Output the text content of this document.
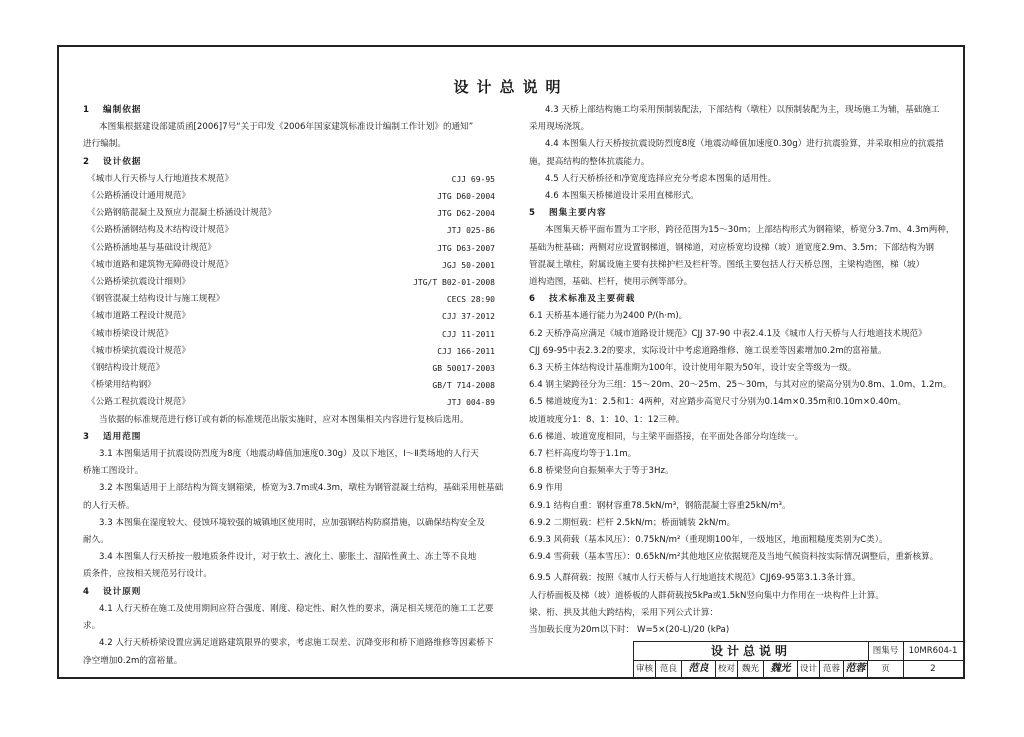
设计总说明
1 编制依据
本图集根据建设部建质函[2006]7号“关于印发《2006年国家建筑标准设计编制工作计划》的通知”
进行编制。
2 设计依据
《城市人行天桥与人行地道技术规范》	CJJ 69-95
《公路桥涵设计通用规范》	JTG D60-2004
《公路钢筋混凝土及预应力混凝土桥涵设计规范》	JTG D62-2004
《公路桥涵钢结构及木结构设计规范》	JTJ 025-86
《公路桥涵地基与基础设计规范》	JTG D63-2007
《城市道路和建筑物无障碍设计规范》	JGJ 50-2001
《公路桥梁抗震设计细则》	JTG/T B02-01-2008
《钢管混凝土结构设计与施工规程》	CECS 28:90
《城市道路工程设计规范》	CJJ 37-2012
《城市桥梁设计规范》	CJJ 11-2011
《城市桥梁抗震设计规范》	CJJ 166-2011
《钢结构设计规范》	GB 50017-2003
《桥梁用结构钢》	GB/T 714-2008
《公路工程抗震设计规范》	JTJ 004-89
当依据的标准规范进行修订或有新的标准规范出版实施时，应对本图集相关内容进行复核后选用。
3 适用范围
3.1 本图集适用于抗震设防烈度为8度（地震动峰值加速度0.30g）及以下地区，Ⅰ～Ⅱ类场地的人行天
桥施工图设计。
3.2 本图集适用于上部结构为简支钢箱梁，桥宽为3.7m或4.3m，墩柱为钢管混凝土结构，基础采用桩基础
的人行天桥。
3.3 本图集在湿度较大、侵蚀环境较强的城镇地区使用时，应加强钢结构防腐措施，以确保结构安全及
耐久。
3.4 本图集人行天桥按一般地质条件设计，对于软土、液化土、膨胀土、湿陷性黄土、冻土等不良地
质条件，应按相关规范另行设计。
4 设计原则
4.1 人行天桥在施工及使用期间应符合强度、刚度、稳定性、耐久性的要求，满足相关规范的施工工艺要
求。
4.2 人行天桥桥梁设置应满足道路建筑限界的要求，考虑施工误差、沉降变形和桥下道路维修等因素桥下
净空增加0.2m的富裕量。
4.3 天桥上部结构施工均采用预制装配法，下部结构（墩柱）以预制装配为主，现场施工为辅，基础施工
采用现场浇筑。
4.4 本图集人行天桥按抗震设防烈度8度（地震动峰值加速度0.30g）进行抗震验算，并采取相应的抗震措
施，提高结构的整体抗震能力。
4.5 人行天桥桥径和净宽度选择应充分考虑本图集的适用性。
4.6 本图集天桥梯道设计采用直梯形式。
5 图集主要内容
本图集天桥平面布置为工字形，跨径范围为15～30m；上部结构形式为钢箱梁，桥宽分3.7m、4.3m两种，
基础为桩基础；两侧对应设置钢梯道，钢梯道，对应桥宽均设梯（坡）道宽度2.9m、3.5m；下部结构为钢
管混凝土墩柱，附属设施主要有扶梯护栏及栏杆等。图纸主要包括人行天桥总图，主梁构造图，梯（坡）
道构造图，基础、栏杆，使用示例等部分。
6 技术标准及主要荷载
6.1 天桥基本通行能力为2400 P/(h·m)。
6.2 天桥净高应满足《城市道路设计规范》CJJ 37-90 中表2.4.1及《城市人行天桥与人行地道技术规范》
CJJ 69-95中表2.3.2的要求，实际设计中考虑道路维修、施工误差等因素增加0.2m的富裕量。
6.3 天桥主体结构设计基准期为100年，设计使用年限为50年，设计安全等级为一级。
6.4 钢主梁跨径分为三组：15～20m、20～25m、25～30m，与其对应的梁高分别为0.8m、1.0m、1.2m。
6.5 梯道坡度为1：2.5和1：4两种，对应踏步高宽尺寸分别为0.14m×0.35m和0.10m×0.40m。
坡道坡度分1：8、1：10、1：12三种。
6.6 梯道、坡道宽度相同，与主梁平面搭接，在平面处各部分均连续一。
6.7 栏杆高度均等于1.1m。
6.8 桥梁竖向自振频率大于等于3Hz。
6.9 作用
6.9.1 结构自重：钢材容重78.5kN/m³，钢筋混凝土容重25kN/m³。
6.9.2 二期恒载：栏杆 2.5kN/m；桥面铺装 2kN/m。
6.9.3 风荷载（基本风压）：0.75kN/m²（重现期100年，一级地区，地面粗糙度类别为C类）。
6.9.4 雪荷载（基本雪压）：0.65kN/m²其他地区应依据规范及当地气候资料按实际情况调整后，重新核算。
6.9.5 人群荷载：按照《城市人行天桥与人行地道技术规范》CJJ69-95第3.1.3条计算。
人行桥面板及梯（坡）道桥板的人群荷载按5kPa或1.5kN竖向集中力作用在一块构件上计算。
梁、桁、拱及其他大跨结构，采用下列公式计算：
当加载长度为20m以下时： W=5×(20-L)/20 (kPa)
设计总说明	图集号	10MR604-1
审核 范良	范良	校对 魏光	魏光	设计 范蓉 范蓉	页	2
